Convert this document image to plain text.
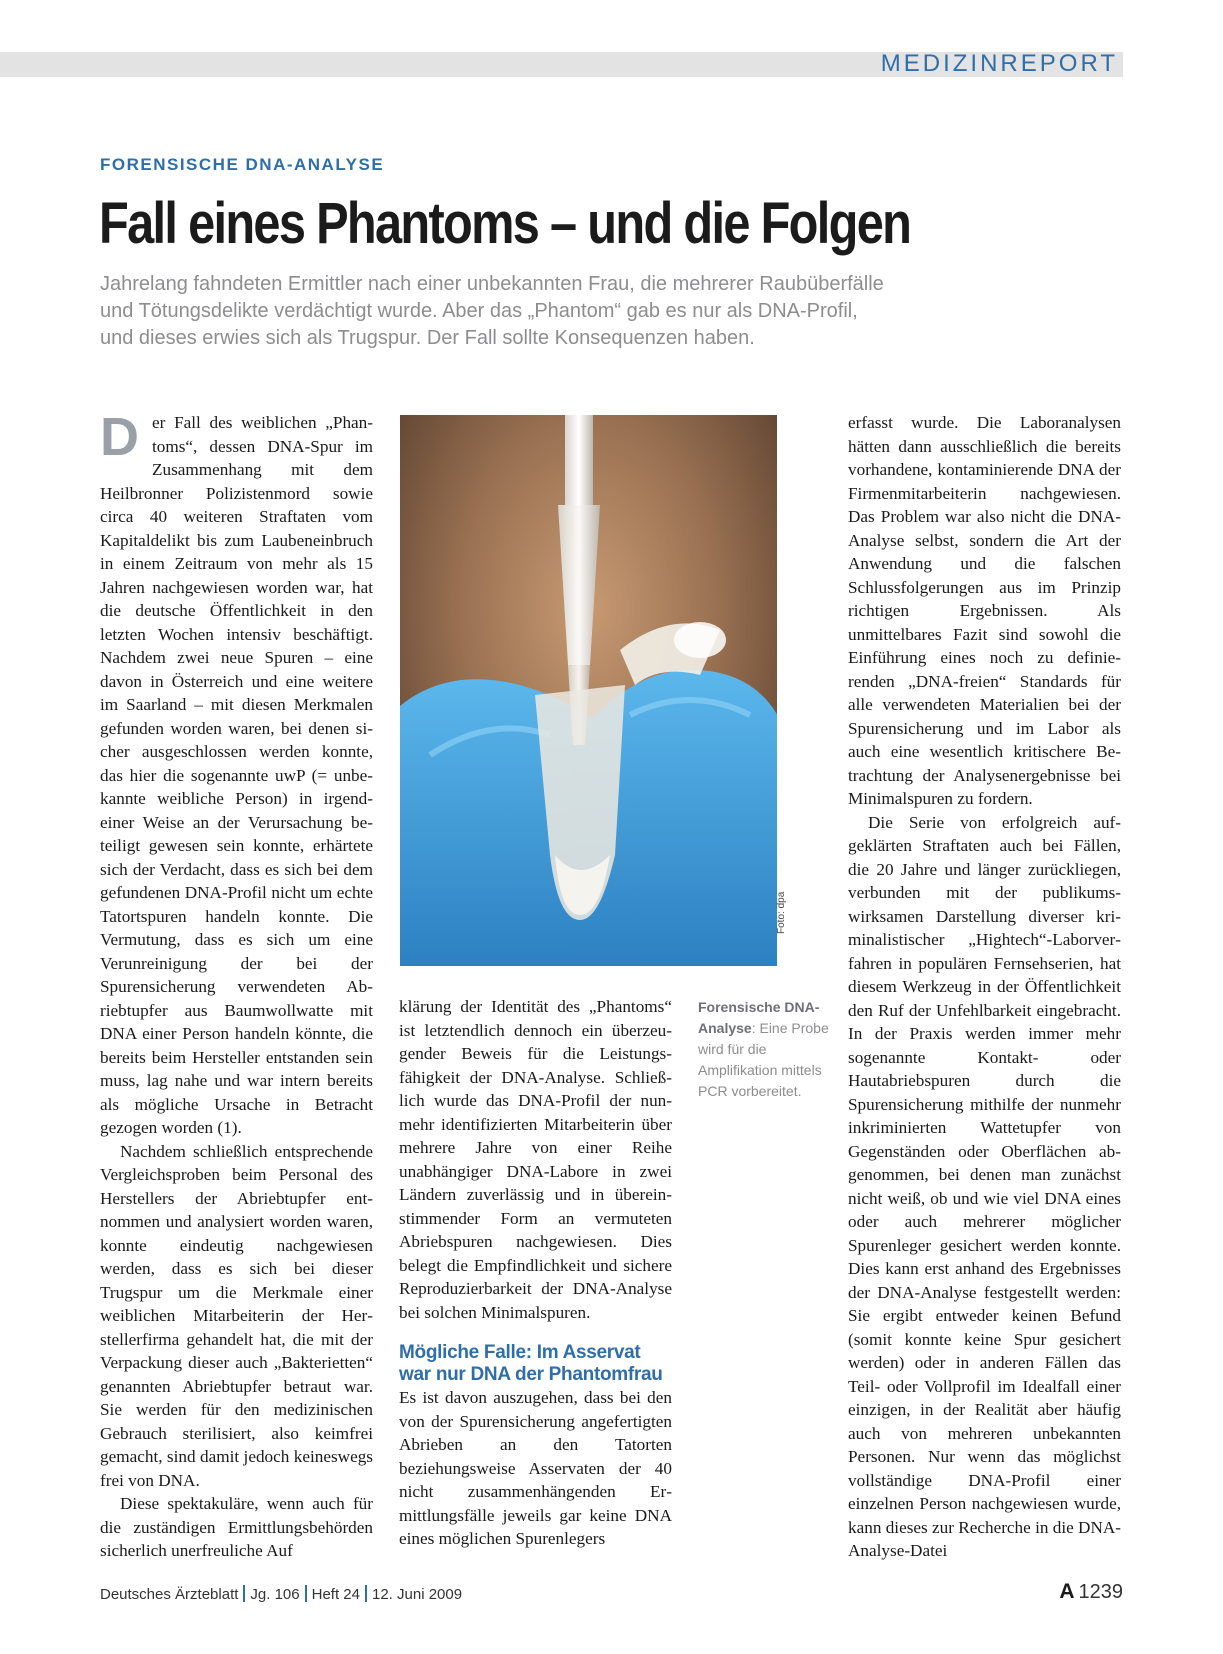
MEDIZINREPORT
FORENSISCHE DNA-ANALYSE
Fall eines Phantoms – und die Folgen
Jahrelang fahndeten Ermittler nach einer unbekannten Frau, die mehrerer Raubüberfälle
und Tötungsdelikte verdächtigt wurde. Aber das „Phantom“ gab es nur als DNA-Profil,
und dieses erwies sich als Trugspur. Der Fall sollte Konsequenzen haben.

Der Fall des weiblichen „Phantoms“, dessen DNA-Spur im Zusammenhang mit dem Heilbronner Polizistenmord sowie circa 40 weiteren Straftaten vom Kapitaldelikt bis zum Laubeneinbruch in einem Zeitraum von mehr als 15 Jahren nachgewiesen worden war, hat die deutsche Öffentlichkeit in den letzten Wochen intensiv beschäftigt. Nachdem zwei neue Spuren – eine davon in Österreich und eine weitere im Saarland – mit diesen Merkmalen gefunden worden waren, bei denen sicher ausgeschlossen werden konnte, das hier die sogenannte uwP (= unbekannte weibliche Person) in irgendeiner Weise an der Verursachung beteiligt gewesen sein konnte, erhärtete sich der Verdacht, dass es sich bei dem gefundenen DNA-Profil nicht um echte Tatortspuren handeln konnte. Die Vermutung, dass es sich um eine Verunreinigung der bei der Spurensicherung verwendeten Abriebtupfer aus Baumwollwatte mit DNA einer Person handeln könnte, die bereits beim Hersteller entstanden sein muss, lag nahe und war intern bereits als mögliche Ursache in Betracht gezogen worden (1).

Nachdem schließlich entsprechende Vergleichsproben beim Personal des Herstellers der Abriebtupfer entnommen und analysiert worden waren, konnte eindeutig nachgewiesen werden, dass es sich bei dieser Trugspur um die Merkmale einer weiblichen Mitarbeiterin der Herstellerfirma gehandelt hat, die mit der Verpackung dieser auch „Bakterietten“ genannten Abriebtupfer betraut war. Sie werden für den medizinischen Gebrauch sterilisiert, also keimfrei gemacht, sind damit jedoch keineswegs frei von DNA.

Diese spektakuläre, wenn auch für die zuständigen Ermittlungsbehörden sicherlich unerfreuliche Auf

Foto: dpa
Forensische DNA-Analyse: Eine Probe wird für die Amplifikation mittels PCR vorbereitet.

klärung der Identität des „Phantoms“ ist letztendlich dennoch ein überzeugender Beweis für die Leistungsfähigkeit der DNA-Analyse. Schließlich wurde das DNA-Profil der nunmehr identifizierten Mitarbeiterin über mehrere Jahre von einer Reihe unabhängiger DNA-Labore in zwei Ländern zuverlässig und in übereinstimmender Form an vermuteten Abriebspuren nachgewiesen. Dies belegt die Empfindlichkeit und sichere Reproduzierbarkeit der DNA-Analyse bei solchen Minimalspuren.

Mögliche Falle: Im Asservat war nur DNA der Phantomfrau

Es ist davon auszugehen, dass bei den von der Spurensicherung angefertigten Abrieben an den Tatorten beziehungsweise Asservaten der 40 nicht zusammenhängenden Ermittlungsfälle jeweils gar keine DNA eines möglichen Spurenlegers

erfasst wurde. Die Laboranalysen hätten dann ausschließlich die bereits vorhandene, kontaminierende DNA der Firmenmitarbeiterin nachgewiesen. Das Problem war also nicht die DNA-Analyse selbst, sondern die Art der Anwendung und die falschen Schlussfolgerungen aus im Prinzip richtigen Ergebnissen. Als unmittelbares Fazit sind sowohl die Einführung eines noch zu definierenden „DNA-freien“ Standards für alle verwendeten Materialien bei der Spurensicherung und im Labor als auch eine wesentlich kritischere Betrachtung der Analysenergebnisse bei Minimalspuren zu fordern.

Die Serie von erfolgreich aufgeklärten Straftaten auch bei Fällen, die 20 Jahre und länger zurückliegen, verbunden mit der publikumswirksamen Darstellung diverser kriminalistischer „Hightech“-Laborverfahren in populären Fernsehserien, hat diesem Werkzeug in der Öffentlichkeit den Ruf der Unfehlbarkeit eingebracht. In der Praxis werden immer mehr sogenannte Kontakt- oder Hautabriebspuren durch die Spurensicherung mithilfe der nunmehr inkriminierten Wattetupfer von Gegenständen oder Oberflächen abgenommen, bei denen man zunächst nicht weiß, ob und wie viel DNA eines oder auch mehrerer möglicher Spurenleger gesichert werden konnte. Dies kann erst anhand des Ergebnisses der DNA-Analyse festgestellt werden: Sie ergibt entweder keinen Befund (somit konnte keine Spur gesichert werden) oder in anderen Fällen das Teil- oder Vollprofil im Idealfall einer einzigen, in der Realität aber häufig auch von mehreren unbekannten Personen. Nur wenn das möglichst vollständige DNA-Profil einer einzelnen Person nachgewiesen wurde, kann dieses zur Recherche in die DNA-Analyse-Datei

Deutsches Ärzteblatt Jg. 106 Heft 24 12. Juni 2009	A 1239
